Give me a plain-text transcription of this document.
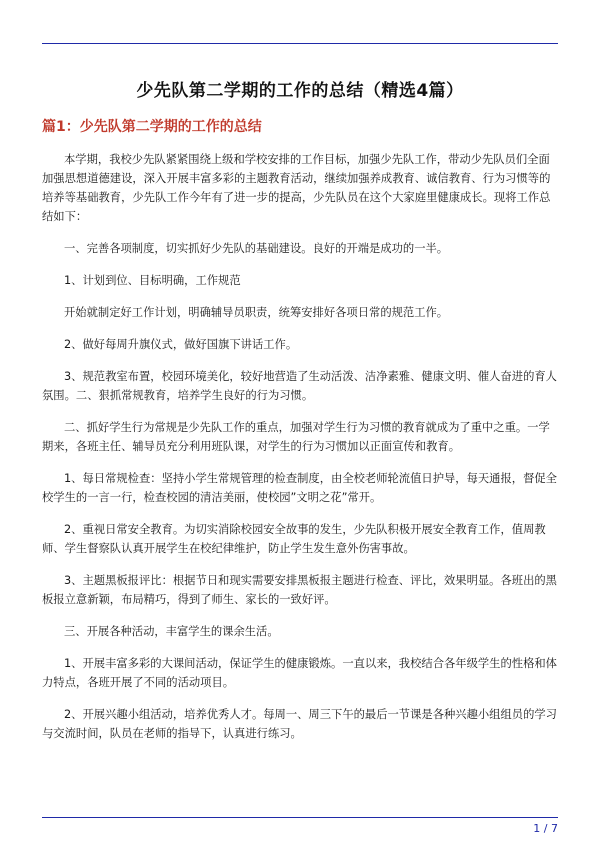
少先队第二学期的工作的总结（精选4篇）
篇1：少先队第二学期的工作的总结

本学期，我校少先队紧紧围绕上级和学校安排的工作目标，加强少先队工作，带动少先队员们全面加强思想道德建设，深入开展丰富多彩的主题教育活动，继续加强养成教育、诚信教育、行为习惯等的培养等基础教育，少先队工作今年有了进一步的提高，少先队员在这个大家庭里健康成长。现将工作总结如下：

一、完善各项制度，切实抓好少先队的基础建设。良好的开端是成功的一半。

1、计划到位、目标明确，工作规范

开始就制定好工作计划，明确辅导员职责，统筹安排好各项日常的规范工作。

2、做好每周升旗仪式，做好国旗下讲话工作。

3、规范教室布置，校园环境美化，较好地营造了生动活泼、洁净素雅、健康文明、催人奋进的育人氛围。二、狠抓常规教育，培养学生良好的行为习惯。

二、抓好学生行为常规是少先队工作的重点，加强对学生行为习惯的教育就成为了重中之重。一学期来，各班主任、辅导员充分利用班队课，对学生的行为习惯加以正面宣传和教育。

1、每日常规检查：坚持小学生常规管理的检查制度，由全校老师轮流值日护导，每天通报，督促全校学生的一言一行，检查校园的清洁美丽，使校园”文明之花”常开。

2、重视日常安全教育。为切实消除校园安全故事的发生，少先队积极开展安全教育工作，值周教师、学生督察队认真开展学生在校纪律维护，防止学生发生意外伤害事故。

3、主题黑板报评比：根据节日和现实需要安排黑板报主题进行检查、评比，效果明显。各班出的黑板报立意新颖，布局精巧，得到了师生、家长的一致好评。

三、开展各种活动，丰富学生的课余生活。

1、开展丰富多彩的大课间活动，保证学生的健康锻炼。一直以来，我校结合各年级学生的性格和体力特点，各班开展了不同的活动项目。

2、开展兴趣小组活动，培养优秀人才。每周一、周三下午的最后一节课是各种兴趣小组组员的学习与交流时间，队员在老师的指导下，认真进行练习。

1 / 7
